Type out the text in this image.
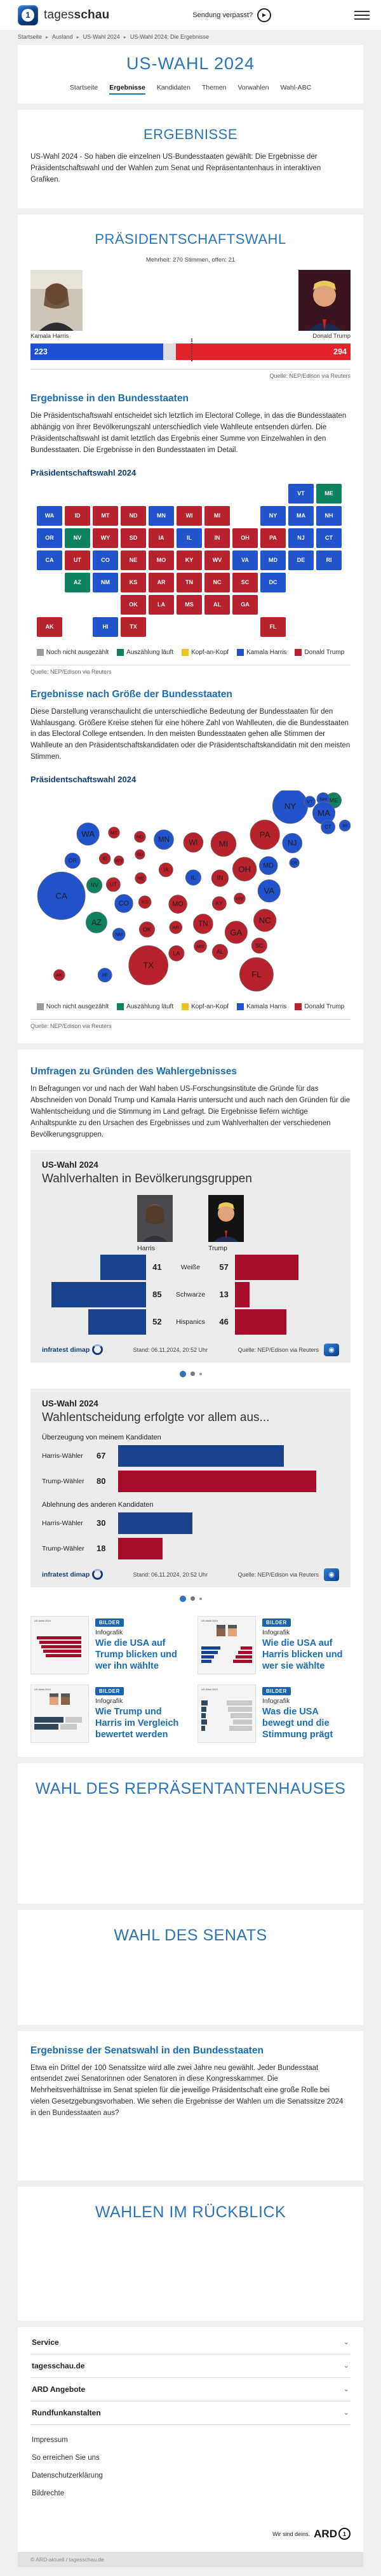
1	tagesschau	Sendung verpasst?	▶
Startseite ▸ Ausland ▸ US-Wahl 2024 ▸ US-Wahl 2024: Die Ergebnisse
US-WAHL 2024
Startseite Ergebnisse Kandidaten Themen Vorwahlen Wahl-ABC
ERGEBNISSE

US-Wahl 2024 - So haben die einzelnen US-Bundesstaaten gewählt: Die Ergebnisse der Präsidentschaftswahl und der Wahlen zum Senat und Repräsentantenhaus in interaktiven Grafiken.

PRÄSIDENTSCHAFTSWAHL
Mehrheit: 270 Stimmen, offen: 21
Kamala Harris	Donald Trump
223	294
Quelle: NEP/Edison via Reuters
Ergebnisse in den Bundesstaaten

Die Präsidentschaftswahl entscheidet sich letztlich im Electoral College, in das die Bundesstaaten abhängig von ihrer Bevölkerungszahl unterschiedlich viele Wahlleute entsenden dürfen. Die Präsidentschaftswahl ist damit letztlich das Ergebnis einer Summe von Einzelwahlen in den Bundesstaaten. Die Ergebnisse in den Bundesstaaten im Detail.

Präsidentschaftswahl 2024
VT	ME
WA	ID	MT	ND	MN	WI	MI	NY	MA	NH
OR	NV	WY	SD	IA	IL	IN	OH	PA	NJ	CT
CA	UT	CO	NE	MO	KY	WV	VA	MD	DE	RI
AZ	NM	KS	AR	TN	NC	SC	DC
OK	LA	MS	AL	GA
AK	HI	TX	FL
Noch nicht ausgezählt	Auszählung läuft	Kopf-an-Kopf	Kamala Harris	Donald Trump
Quelle: NEP/Edison via Reuters
Ergebnisse nach Größe der Bundesstaaten

Diese Darstellung veranschaulicht die unterschiedliche Bedeutung der Bundesstaaten für den Wahlausgang. Größere Kreise stehen für eine höhere Zahl von Wahlleuten, die die Bundesstaaten in das Electoral College entsenden. In den meisten Bundesstaaten gehen alle Stimmen der Wahlleute an den Präsidentschaftskandidaten oder die Präsidentschaftskandidatin mit den meisten Stimmen.

Präsidentschaftswahl 2024
ME
NY VT NH
MA
CT RI
WA	MT
ND MN	WI	MI
PA
NJ
OR	ID WY
SD
IA	OH MD	DE
NE	IL	IN
NV UT
CA
VA
CO	KS	MO	KY
WV
NC
AZ	TN
AR
OK
NM	GA
SC
MS
AL
LA
TX
AK	HI	FL
Noch nicht ausgezählt	Auszählung läuft	Kopf-an-Kopf	Kamala Harris	Donald Trump
Quelle: NEP/Edison via Reuters
Umfragen zu Gründen des Wahlergebnisses

In Befragungen vor und nach der Wahl haben US-Forschungsinstitute die Gründe für das Abschneiden von Donald Trump und Kamala Harris untersucht und auch nach den Gründen für die Wahlentscheidung und die Stimmung im Land gefragt. Die Ergebnisse liefern wichtige Anhaltspunkte zu den Ursachen des Ergebnisses und zum Wahlverhalten der verschiedenen Bevölkerungsgruppen.

US-Wahl 2024
Wahlverhalten in Bevölkerungsgruppen
Harris	Trump
41	Weiße	57
85	Schwarze	13
52	Hispanics	46
infratest dimap	Stand: 06.11.2024, 20:52 Uhr	Quelle: NEP/Edison via Reuters	◉
US-Wahl 2024
Wahlentscheidung erfolgte vor allem aus...
Überzeugung von meinem Kandidaten
Harris-Wähler	67
Trump-Wähler	80
Ablehnung des anderen Kandidaten
Harris-Wähler	30
Trump-Wähler	18
infratest dimap	Stand: 06.11.2024, 20:52 Uhr	Quelle: NEP/Edison via Reuters	◉
US-Wahl 2024	BILDER
Infografik
Wie die USA auf Trump blicken und wer ihn wählte
US-Wahl 2024	BILDER
Infografik
Wie die USA auf Harris blicken und wer sie wählte
US-Wahl 2024	BILDER
Infografik
Wie Trump und Harris im Vergleich bewertet werden
US-Wahl 2024	BILDER
Infografik
Was die USA bewegt und die Stimmung prägt
WAHL DES REPRÄSENTANTENHAUSES
WAHL DES SENATS
Ergebnisse der Senatswahl in den Bundesstaaten

Etwa ein Drittel der 100 Senatssitze wird alle zwei Jahre neu gewählt. Jeder Bundesstaat entsendet zwei Senatorinnen oder Senatoren in diese Kongresskammer. Die Mehrheitsverhältnisse im Senat spielen für die jeweilige Präsidentschaft eine große Rolle bei vielen Gesetzgebungsvorhaben. Wie sehen die Ergebnisse der Wahlen um die Senatssitze 2024 in den Bundesstaaten aus?

WAHLEN IM RÜCKBLICK
Service	⌄
tagesschau.de	⌄
ARD Angebote	⌄
Rundfunkanstalten	⌄
Impressum
So erreichen Sie uns
Datenschutzerklärung
Bildrechte
Wir sind deins. ARD 1
© ARD-aktuell / tagesschau.de
